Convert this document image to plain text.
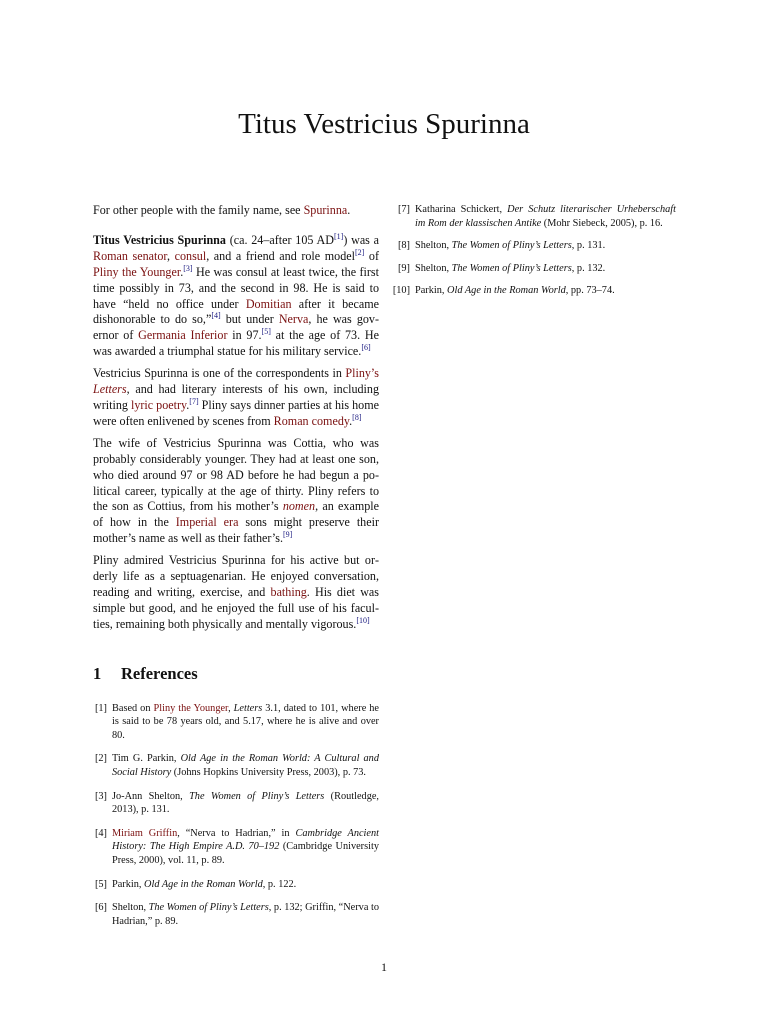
Titus Vestricius Spurinna

For other people with the family name, see Spurinna.

Titus Vestricius Spurinna (ca. 24–after 105 AD[1]) was a Roman senator, consul, and a friend and role model[2] of Pliny the Younger.[3] He was consul at least twice, the first time possibly in 73, and the second in 98. He is said to have “held no office under Domitian after it became dishonorable to do so,”[4] but under Nerva, he was governor of Germania Inferior in 97.[5] at the age of 73. He was awarded a triumphal statue for his military service.[6]

Vestricius Spurinna is one of the correspondents in Pliny’s Letters, and had literary interests of his own, including writing lyric poetry.[7] Pliny says dinner parties at his home were often enlivened by scenes from Roman comedy.[8]

The wife of Vestricius Spurinna was Cottia, who was probably considerably younger. They had at least one son, who died around 97 or 98 AD before he had begun a political career, typically at the age of thirty. Pliny refers to the son as Cottius, from his mother’s nomen, an example of how in the Imperial era sons might preserve their mother’s name as well as their father’s.[9]

Pliny admired Vestricius Spurinna for his active but orderly life as a septuagenarian. He enjoyed conversation, reading and writing, exercise, and bathing. His diet was simple but good, and he enjoyed the full use of his faculties, remaining both physically and mentally vigorous.[10]

1 References
[1] Based on Pliny the Younger, Letters 3.1, dated to 101, where he is said to be 78 years old, and 5.17, where he is alive and over 80.
[2] Tim G. Parkin, Old Age in the Roman World: A Cultural and Social History (Johns Hopkins University Press, 2003), p. 73.
[3] Jo-Ann Shelton, The Women of Pliny’s Letters (Routledge, 2013), p. 131.
[4] Miriam Griffin, “Nerva to Hadrian,” in Cambridge Ancient History: The High Empire A.D. 70–192 (Cambridge University Press, 2000), vol. 11, p. 89.
[5] Parkin, Old Age in the Roman World, p. 122.
[6] Shelton, The Women of Pliny’s Letters, p. 132; Griffin, “Nerva to Hadrian,” p. 89.
[7] Katharina Schickert, Der Schutz literarischer Urheberschaft im Rom der klassischen Antike (Mohr Siebeck, 2005), p. 16.
[8] Shelton, The Women of Pliny’s Letters, p. 131.
[9] Shelton, The Women of Pliny’s Letters, p. 132.
[10] Parkin, Old Age in the Roman World, pp. 73–74.
1
